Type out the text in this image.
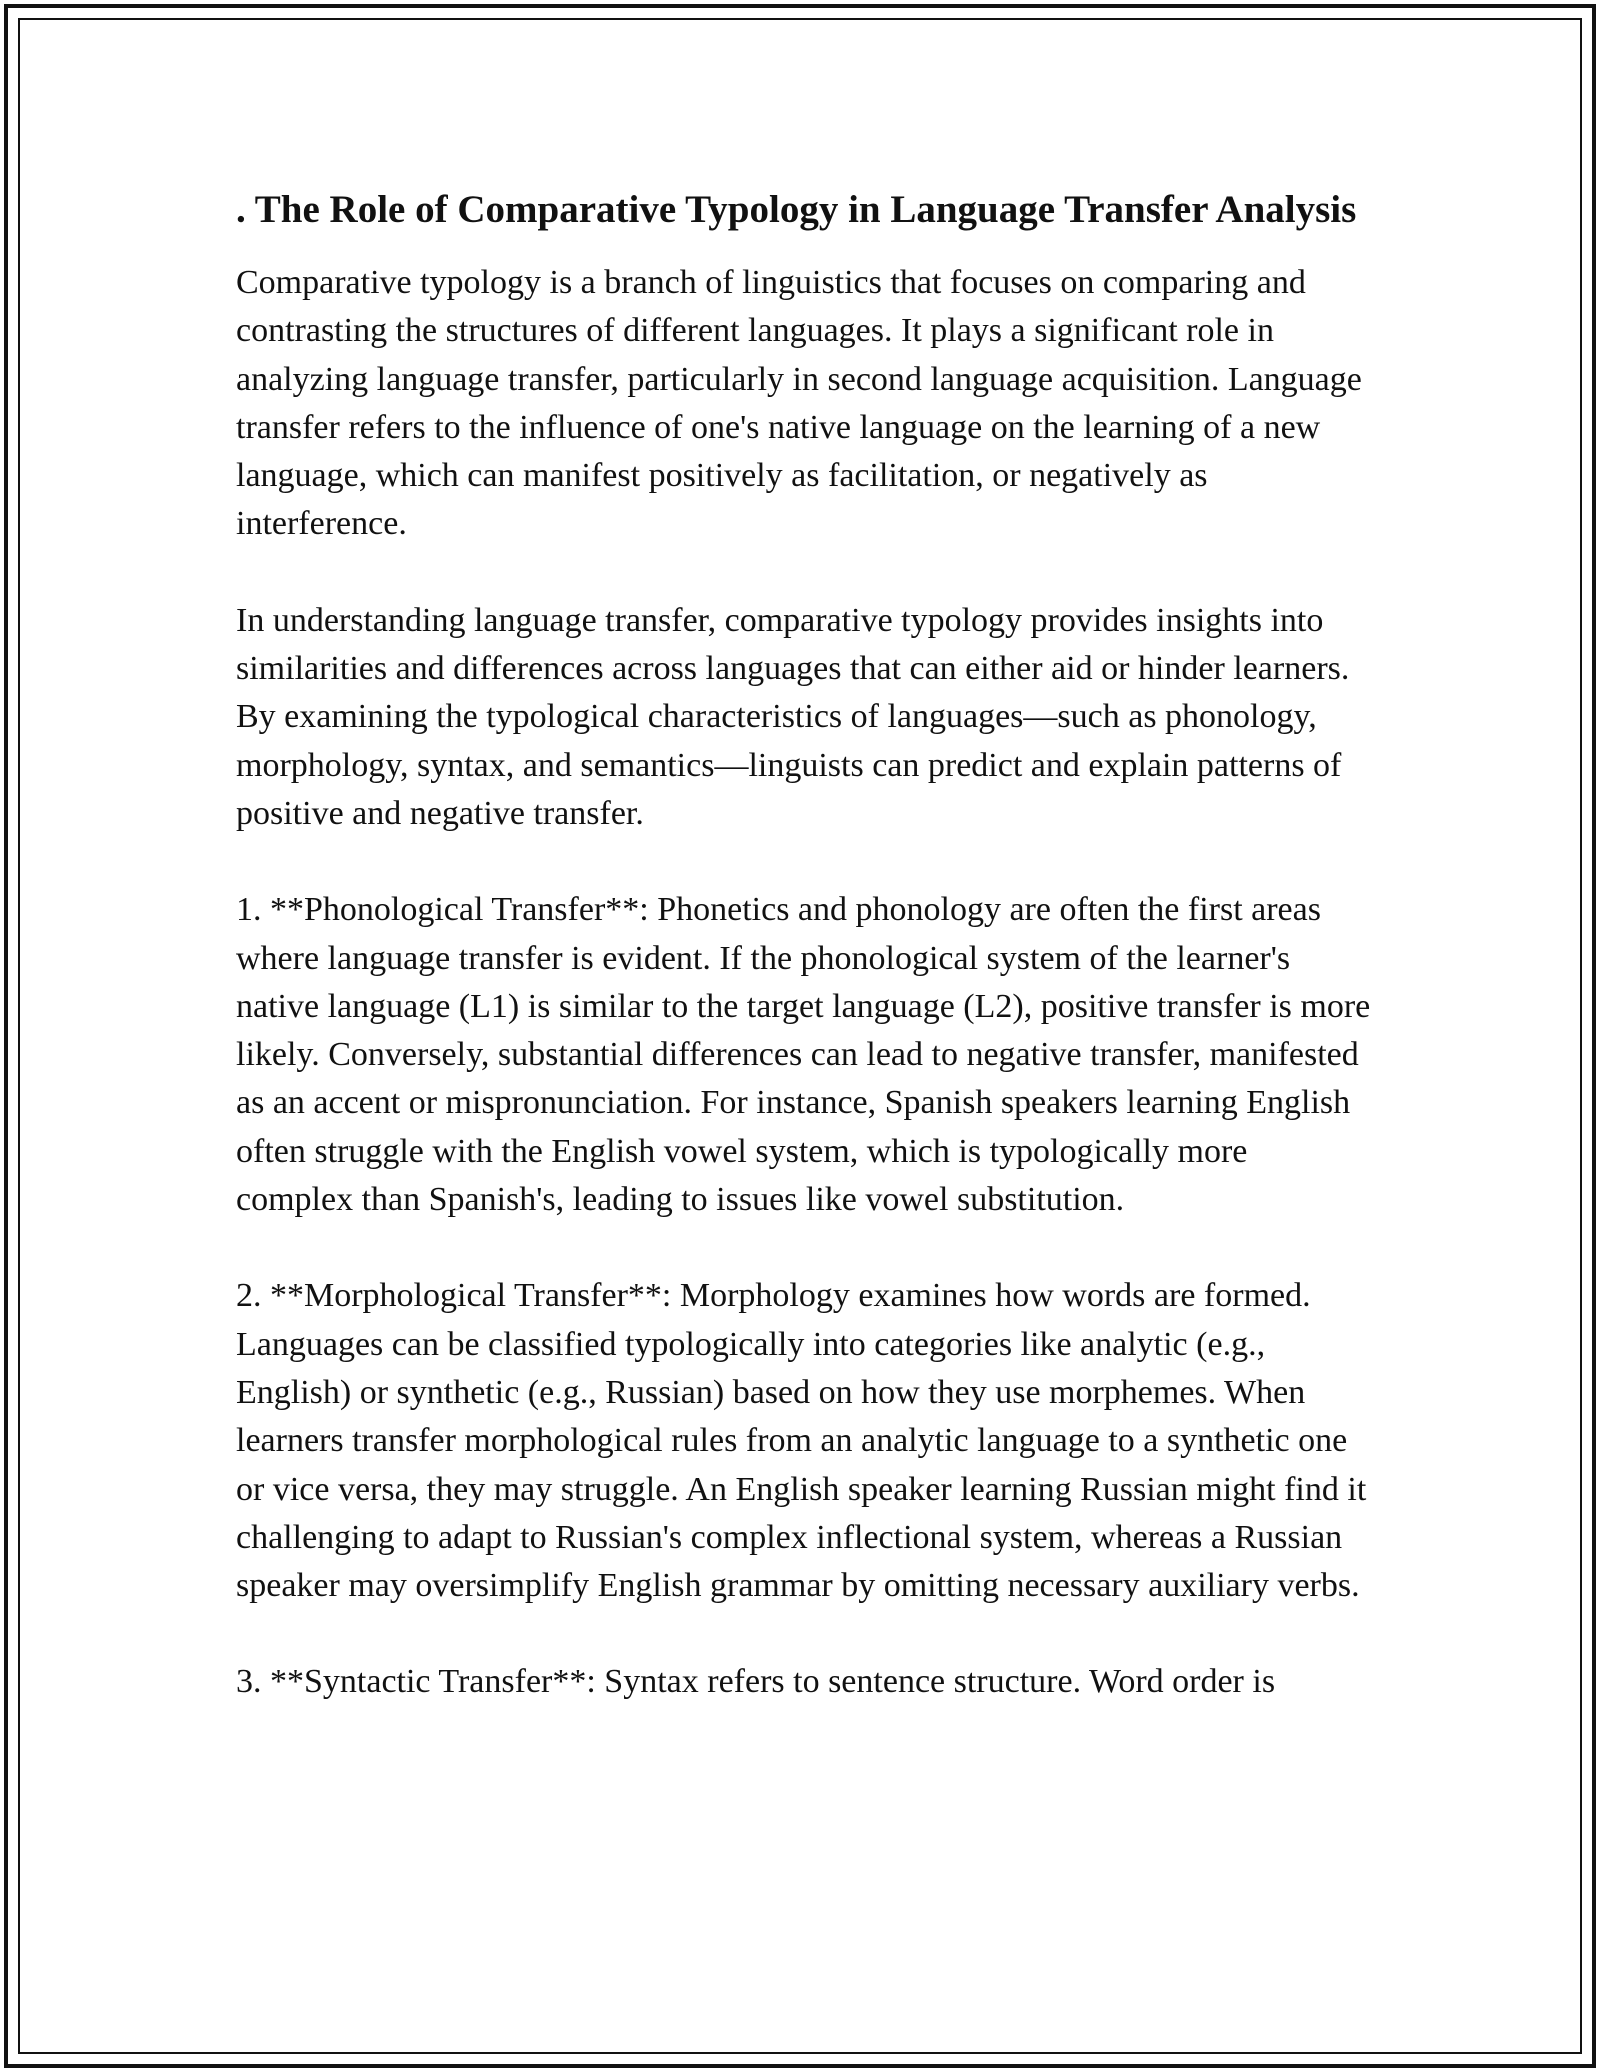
. The Role of Comparative Typology in Language Transfer Analysis

Comparative typology is a branch of linguistics that focuses on comparing and contrasting the structures of different languages. It plays a significant role in analyzing language transfer, particularly in second language acquisition. Language transfer refers to the influence of one's native language on the learning of a new language, which can manifest positively as facilitation, or negatively as interference.

In understanding language transfer, comparative typology provides insights into similarities and differences across languages that can either aid or hinder learners. By examining the typological characteristics of languages—such as phonology, morphology, syntax, and semantics—linguists can predict and explain patterns of positive and negative transfer.

1. **Phonological Transfer**: Phonetics and phonology are often the first areas where language transfer is evident. If the phonological system of the learner's native language (L1) is similar to the target language (L2), positive transfer is more likely. Conversely, substantial differences can lead to negative transfer, manifested as an accent or mispronunciation. For instance, Spanish speakers learning English often struggle with the English vowel system, which is typologically more complex than Spanish's, leading to issues like vowel substitution.

2. **Morphological Transfer**: Morphology examines how words are formed. Languages can be classified typologically into categories like analytic (e.g., English) or synthetic (e.g., Russian) based on how they use morphemes. When learners transfer morphological rules from an analytic language to a synthetic one or vice versa, they may struggle. An English speaker learning Russian might find it challenging to adapt to Russian's complex inflectional system, whereas a Russian speaker may oversimplify English grammar by omitting necessary auxiliary verbs.

3. **Syntactic Transfer**: Syntax refers to sentence structure. Word order is
